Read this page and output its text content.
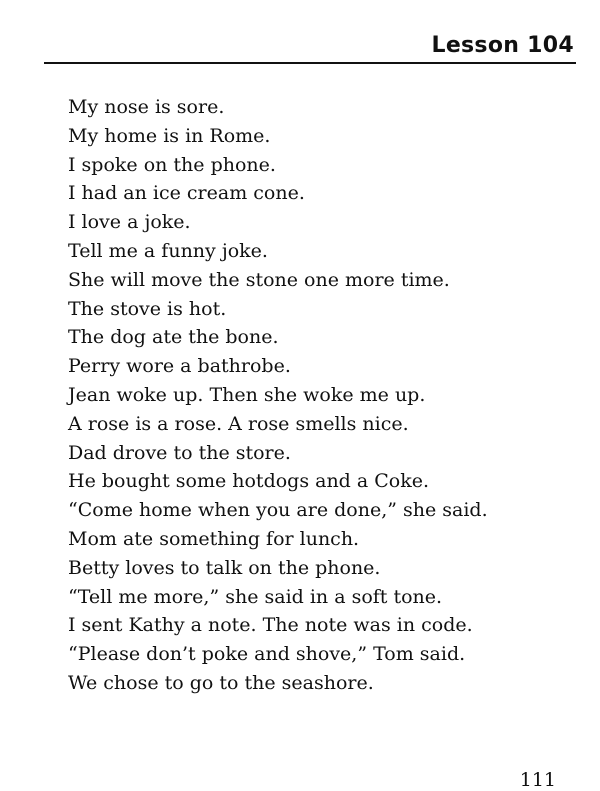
Lesson 104
My nose is sore.
My home is in Rome.
I spoke on the phone.
I had an ice cream cone.
I love a joke.
Tell me a funny joke.
She will move the stone one more time.
The stove is hot.
The dog ate the bone.
Perry wore a bathrobe.
Jean woke up. Then she woke me up.
A rose is a rose. A rose smells nice.
Dad drove to the store.
He bought some hotdogs and a Coke.
“Come home when you are done,” she said.
Mom ate something for lunch.
Betty loves to talk on the phone.
“Tell me more,” she said in a soft tone.
I sent Kathy a note. The note was in code.
“Please don’t poke and shove,” Tom said.
We chose to go to the seashore.
111
